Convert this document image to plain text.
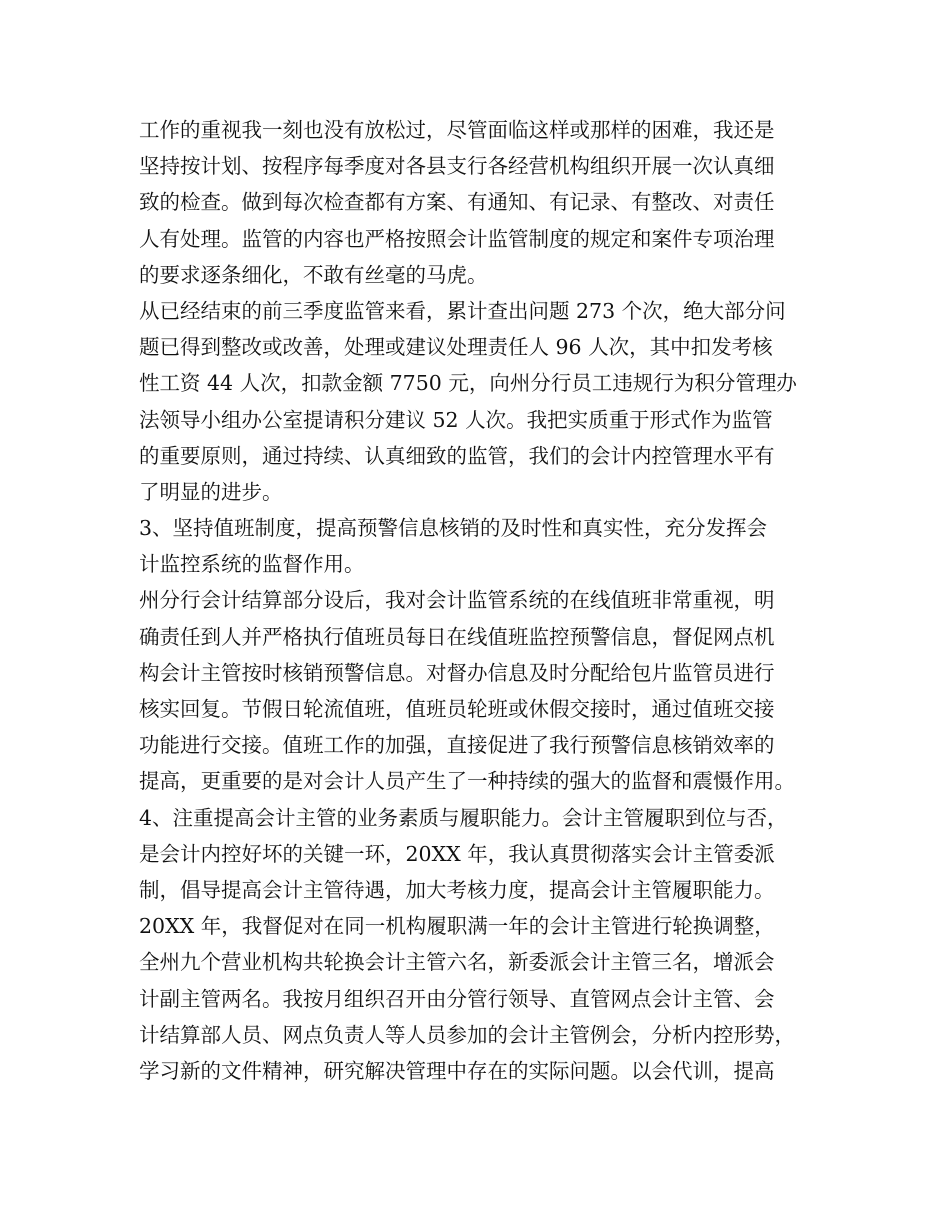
工作的重视我一刻也没有放松过，尽管面临这样或那样的困难，我还是
坚持按计划、按程序每季度对各县支行各经营机构组织开展一次认真细
致的检查。做到每次检查都有方案、有通知、有记录、有整改、对责任
人有处理。监管的内容也严格按照会计监管制度的规定和案件专项治理
的要求逐条细化，不敢有丝毫的马虎。
从已经结束的前三季度监管来看，累计查出问题 273 个次，绝大部分问
题已得到整改或改善，处理或建议处理责任人 96 人次，其中扣发考核
性工资 44 人次，扣款金额 7750 元，向州分行员工违规行为积分管理办
法领导小组办公室提请积分建议 52 人次。我把实质重于形式作为监管
的重要原则，通过持续、认真细致的监管，我们的会计内控管理水平有
了明显的进步。
3、坚持值班制度，提高预警信息核销的及时性和真实性，充分发挥会
计监控系统的监督作用。
州分行会计结算部分设后，我对会计监管系统的在线值班非常重视，明
确责任到人并严格执行值班员每日在线值班监控预警信息，督促网点机
构会计主管按时核销预警信息。对督办信息及时分配给包片监管员进行
核实回复。节假日轮流值班，值班员轮班或休假交接时，通过值班交接
功能进行交接。值班工作的加强，直接促进了我行预警信息核销效率的
提高，更重要的是对会计人员产生了一种持续的强大的监督和震慑作用。
4、注重提高会计主管的业务素质与履职能力。会计主管履职到位与否，
是会计内控好坏的关键一环，20XX 年，我认真贯彻落实会计主管委派
制，倡导提高会计主管待遇，加大考核力度，提高会计主管履职能力。
20XX 年，我督促对在同一机构履职满一年的会计主管进行轮换调整，
全州九个营业机构共轮换会计主管六名，新委派会计主管三名，增派会
计副主管两名。我按月组织召开由分管行领导、直管网点会计主管、会
计结算部人员、网点负责人等人员参加的会计主管例会，分析内控形势，
学习新的文件精神，研究解决管理中存在的实际问题。以会代训，提高
